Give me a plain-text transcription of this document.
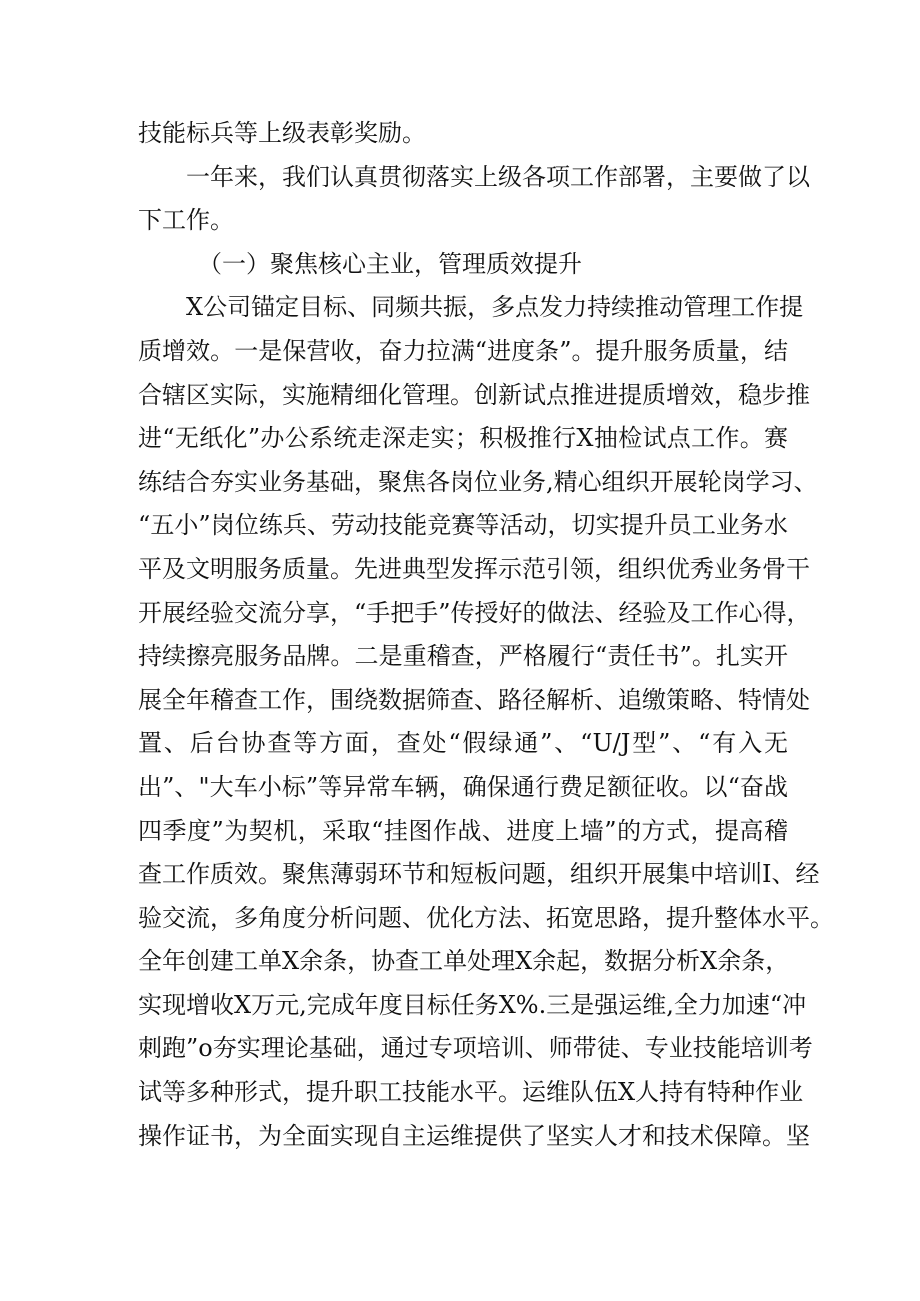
技能标兵等上级表彰奖励。
一年来，我们认真贯彻落实上级各项工作部署，主要做了以
下工作。
（一）聚焦核心主业，管理质效提升
X公司锚定目标、同频共振，多点发力持续推动管理工作提
质增效。一是保营收，奋力拉满“进度条”。提升服务质量，结
合辖区实际，实施精细化管理。创新试点推进提质增效，稳步推
进“无纸化”办公系统走深走实；积极推行X抽检试点工作。赛
练结合夯实业务基础，聚焦各岗位业务,精心组织开展轮岗学习、
“五小”岗位练兵、劳动技能竞赛等活动，切实提升员工业务水
平及文明服务质量。先进典型发挥示范引领，组织优秀业务骨干
开展经验交流分享，“手把手”传授好的做法、经验及工作心得，
持续擦亮服务品牌。二是重稽查，严格履行“责任书”。扎实开
展全年稽查工作，围绕数据筛查、路径解析、追缴策略、特情处
置、后台协查等方面，查处“假绿通”、“U/J型”、“有入无
出”、"大车小标”等异常车辆，确保通行费足额征收。以“奋战
四季度”为契机，采取“挂图作战、进度上墙”的方式，提高稽
查工作质效。聚焦薄弱环节和短板问题，组织开展集中培训I、经
验交流，多角度分析问题、优化方法、拓宽思路，提升整体水平。
全年创建工单X余条，协查工单处理X余起，数据分析X余条，
实现增收X万元,完成年度目标任务X%.三是强运维,全力加速“冲
刺跑”o夯实理论基础，通过专项培训、师带徒、专业技能培训考
试等多种形式，提升职工技能水平。运维队伍X人持有特种作业
操作证书，为全面实现自主运维提供了坚实人才和技术保障。坚
